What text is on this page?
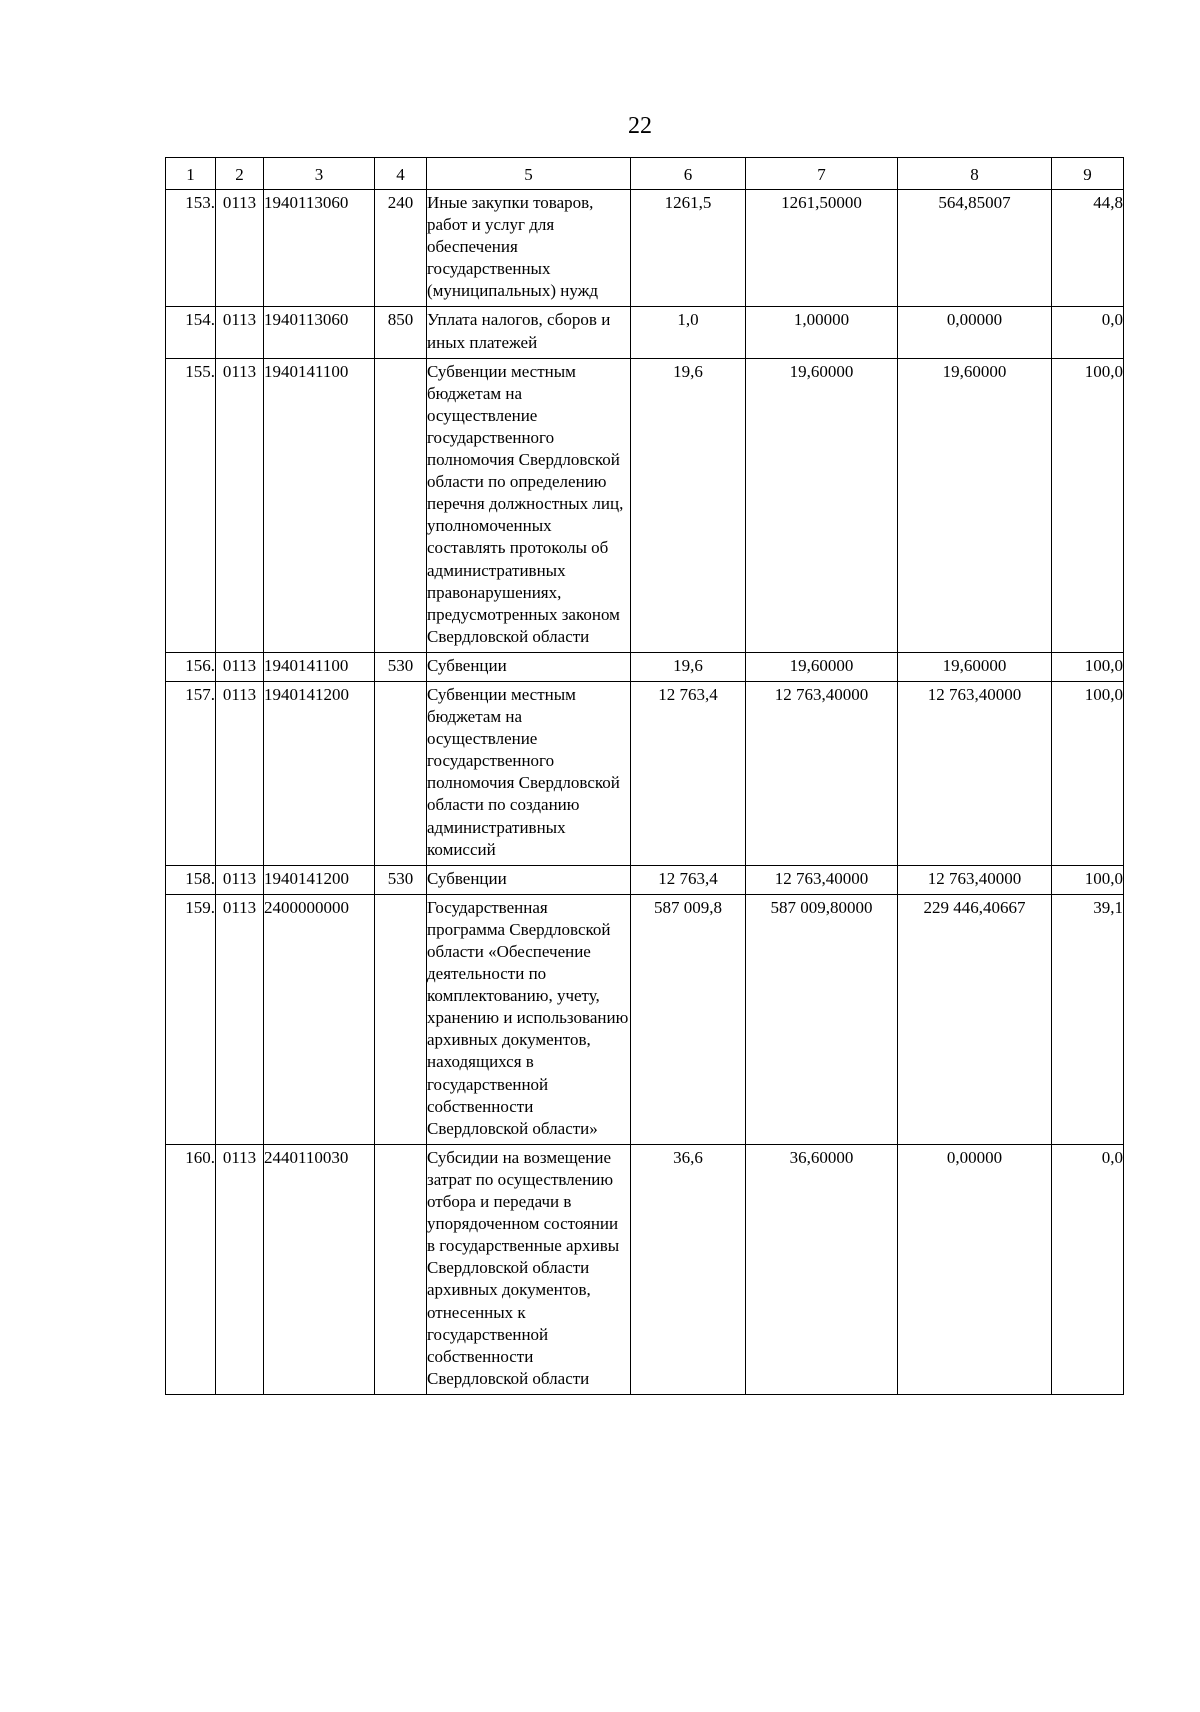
22
1	2	3	4	5	6	7	8	9
153.	0113	1940113060	240	Иные закупки товаров, работ и услуг для обеспечения государственных (муниципальных) нужд	1261,5	1261,50000	564,85007	44,8
154.	0113	1940113060	850	Уплата налогов, сборов и иных платежей	1,0	1,00000	0,00000	0,0
155.	0113	1940141100		Субвенции местным бюджетам на осуществление государственного полномочия Свердловской области по определению перечня должностных лиц, уполномоченных составлять протоколы об административных правонарушениях, предусмотренных законом Свердловской области	19,6	19,60000	19,60000	100,0
156.	0113	1940141100	530	Субвенции	19,6	19,60000	19,60000	100,0
157.	0113	1940141200		Субвенции местным бюджетам на осуществление государственного полномочия Свердловской области по созданию административных комиссий	12 763,4	12 763,40000	12 763,40000	100,0
158.	0113	1940141200	530	Субвенции	12 763,4	12 763,40000	12 763,40000	100,0
159.	0113	2400000000		Государственная программа Свердловской области «Обеспечение деятельности по комплектованию, учету, хранению и использованию архивных документов, находящихся в государственной собственности Свердловской области»	587 009,8	587 009,80000	229 446,40667	39,1
160.	0113	2440110030		Субсидии на возмещение затрат по осуществлению отбора и передачи в упорядоченном состоянии в государственные архивы Свердловской области архивных документов, отнесенных к государственной собственности Свердловской области	36,6	36,60000	0,00000	0,0
